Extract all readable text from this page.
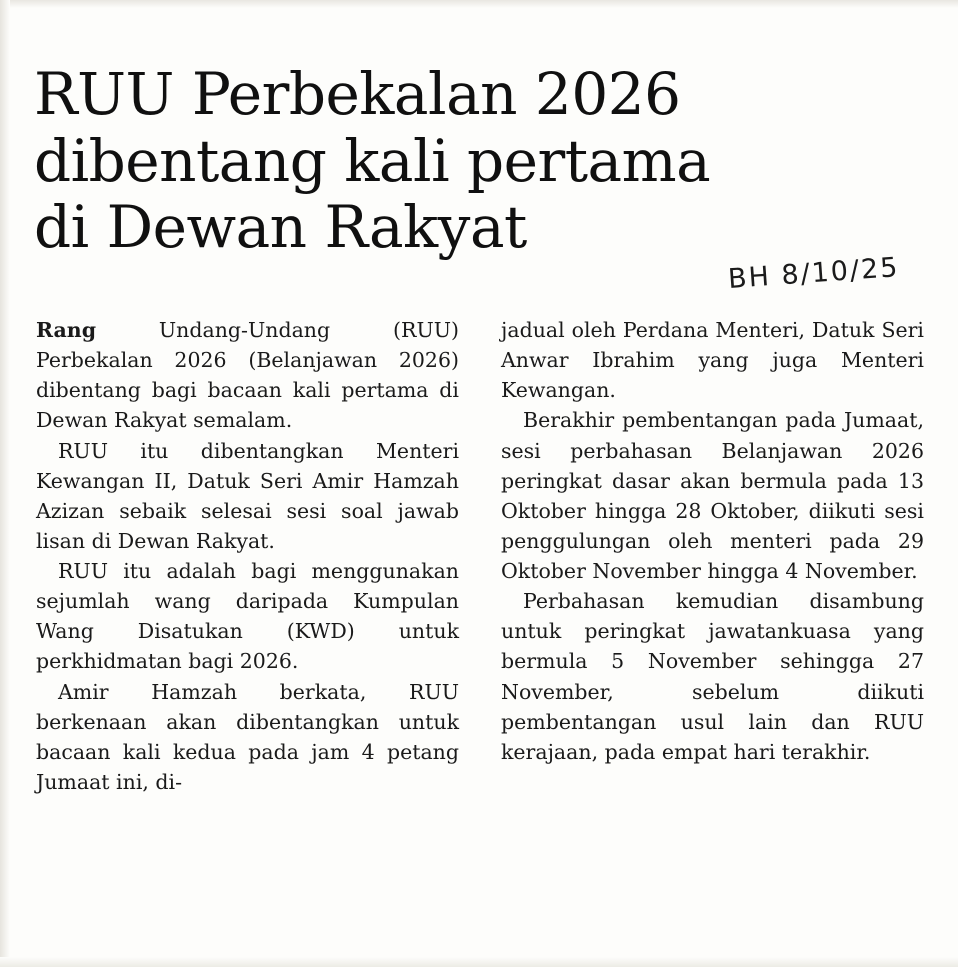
RUU Perbekalan 2026
dibentang kali pertama
di Dewan Rakyat
BH 8/10/25

Rang Undang-Undang (RUU) Perbekalan 2026 (Belanjawan 2026) dibentang bagi bacaan kali pertama di Dewan Rakyat semalam.

RUU itu dibentangkan Menteri Kewangan II, Datuk Seri Amir Hamzah Azizan sebaik selesai sesi soal jawab lisan di Dewan Rakyat.

RUU itu adalah bagi menggunakan sejumlah wang daripada Kumpulan Wang Disatukan (KWD) untuk perkhidmatan bagi 2026.

Amir Hamzah berkata, RUU berkenaan akan dibentangkan untuk bacaan kali kedua pada jam 4 petang Jumaat ini, di-

jadual oleh Perdana Menteri, Datuk Seri Anwar Ibrahim yang juga Menteri Kewangan.

Berakhir pembentangan pada Jumaat, sesi perbahasan Belanjawan 2026 peringkat dasar akan bermula pada 13 Oktober hingga 28 Oktober, diikuti sesi penggulungan oleh menteri pada 29 Oktober November hingga 4 November.

Perbahasan kemudian disambung untuk peringkat jawatankuasa yang bermula 5 November sehingga 27 November, sebelum diikuti pembentangan usul lain dan RUU kerajaan, pada empat hari terakhir.
